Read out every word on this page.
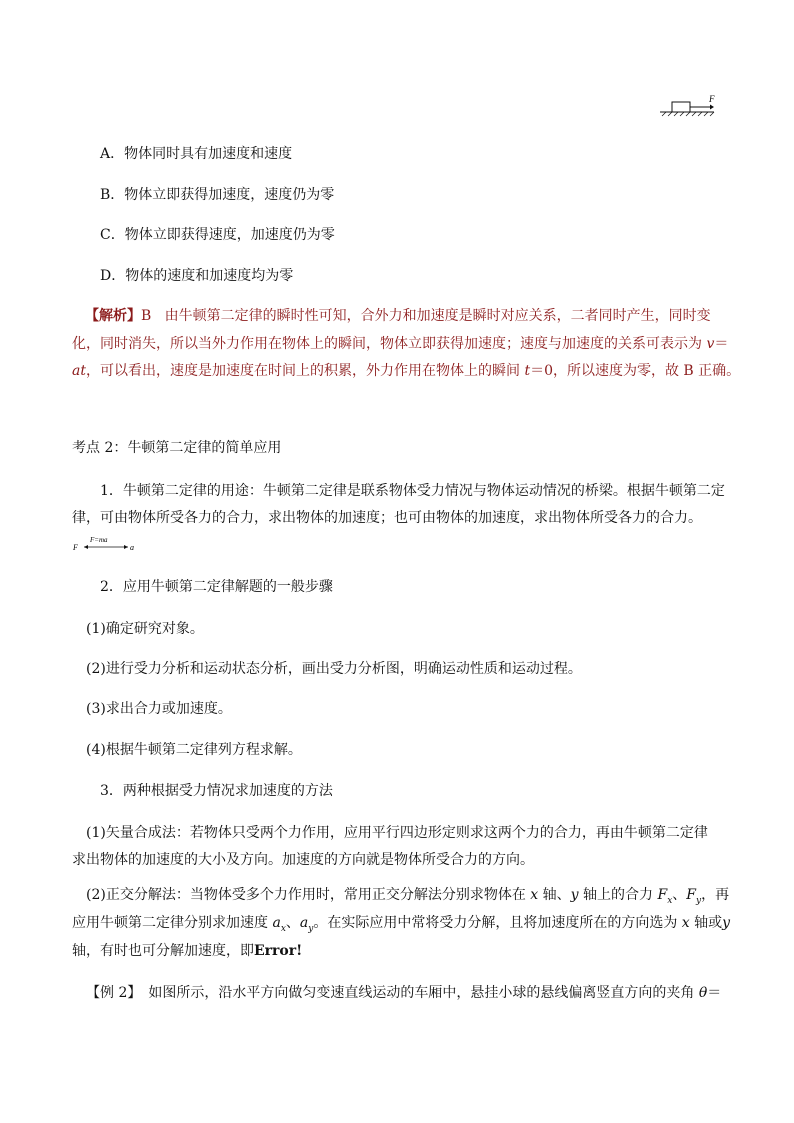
F
A．物体同时具有加速度和速度
B．物体立即获得加速度，速度仍为零
C．物体立即获得速度，加速度仍为零
D．物体的速度和加速度均为零
【解析】B 由牛顿第二定律的瞬时性可知，合外力和加速度是瞬时对应关系，二者同时产生，同时变
化，同时消失，所以当外力作用在物体上的瞬间，物体立即获得加速度；速度与加速度的关系可表示为 v＝
at，可以看出，速度是加速度在时间上的积累，外力作用在物体上的瞬间 t＝0，所以速度为零，故 B 正确。
考点 2：牛顿第二定律的简单应用
1．牛顿第二定律的用途：牛顿第二定律是联系物体受力情况与物体运动情况的桥梁。根据牛顿第二定
律，可由物体所受各力的合力，求出物体的加速度；也可由物体的加速度，求出物体所受各力的合力。
F
F=ma
a
2．应用牛顿第二定律解题的一般步骤
(1)确定研究对象。
(2)进行受力分析和运动状态分析，画出受力分析图，明确运动性质和运动过程。
(3)求出合力或加速度。
(4)根据牛顿第二定律列方程求解。
3．两种根据受力情况求加速度的方法
(1)矢量合成法：若物体只受两个力作用，应用平行四边形定则求这两个力的合力，再由牛顿第二定律
求出物体的加速度的大小及方向。加速度的方向就是物体所受合力的方向。
(2)正交分解法：当物体受多个力作用时，常用正交分解法分别求物体在 x 轴、y 轴上的合力 $F_x$、$F_y$，再
应用牛顿第二定律分别求加速度 $a_x$、$a_y$。在实际应用中常将受力分解，且将加速度所在的方向选为 x 轴或y
轴，有时也可分解加速度，即Error!
【例 2】　如图所示，沿水平方向做匀变速直线运动的车厢中，悬挂小球的悬线偏离竖直方向的夹角 θ＝
